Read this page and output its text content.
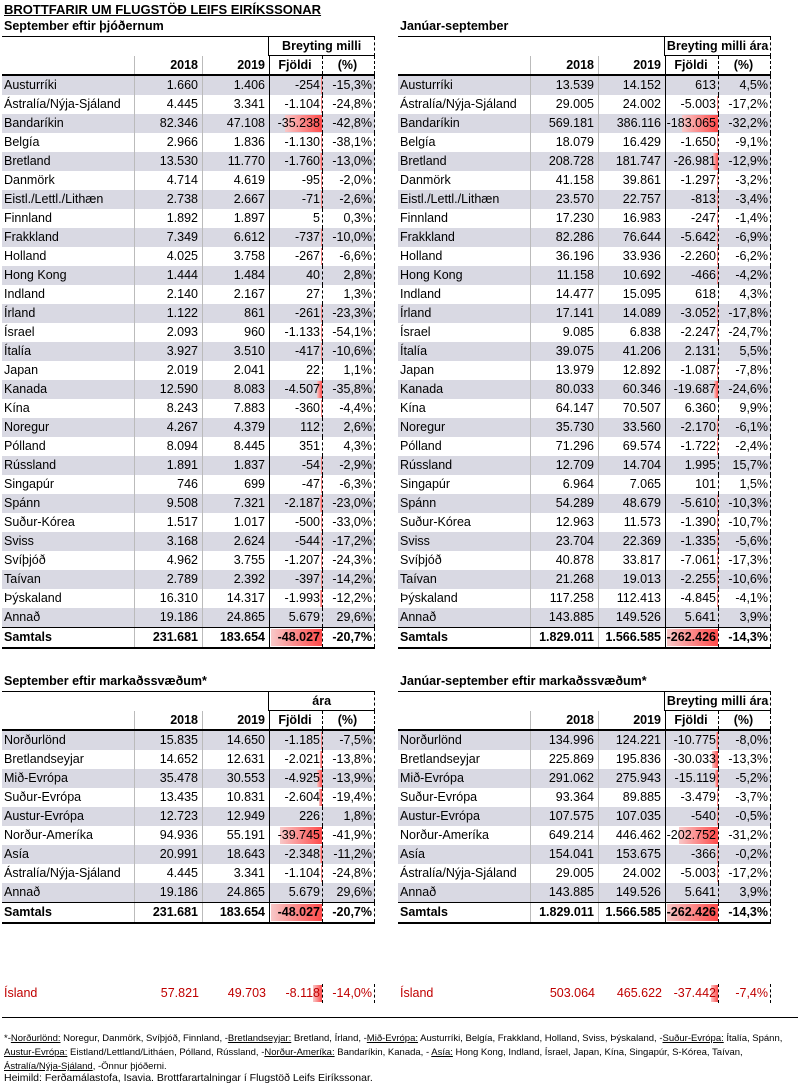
BROTTFARIR UM FLUGSTÖÐ LEIFS EIRÍKSSONAR
September eftir þjóðernum
Breyting milli
2018	2019	Fjöldi	(%)
Austurríki	1.660	1.406	-254 -15,3%
Ástralía/Nýja-Sjáland	4.445	3.341	-1.104 -24,8%
Bandaríkin	82.346	47.108	-35.238 -42,8%
Belgía	2.966	1.836	-1.130 -38,1%
Bretland	13.530	11.770	-1.760 -13,0%
Danmörk	4.714	4.619	-95	-2,0%
Eistl./Lettl./Lithæn	2.738	2.667	-71	-2,6%
Finnland	1.892	1.897	5	0,3%
Frakkland	7.349	6.612	-737 -10,0%
Holland	4.025	3.758	-267	-6,6%
Hong Kong	1.444	1.484	40	2,8%
Indland	2.140	2.167	27	1,3%
Írland	1.122	861	-261 -23,3%
Ísrael	2.093	960	-1.133 -54,1%
Ítalía	3.927	3.510	-417 -10,6%
Japan	2.019	2.041	22	1,1%
Kanada	12.590	8.083	-4.507 -35,8%
Kína	8.243	7.883	-360	-4,4%
Noregur	4.267	4.379	112	2,6%
Pólland	8.094	8.445	351	4,3%
Rússland	1.891	1.837	-54	-2,9%
Singapúr	746	699	-47	-6,3%
Spánn	9.508	7.321	-2.187 -23,0%
Suður-Kórea	1.517	1.017	-500 -33,0%
Sviss	3.168	2.624	-544 -17,2%
Svíþjóð	4.962	3.755	-1.207 -24,3%
Taívan	2.789	2.392	-397 -14,2%
Þýskaland	16.310	14.317	-1.993 -12,2%
Annað	19.186	24.865	5.679	29,6%
Samtals	231.681	183.654	-48.027 -20,7%
Janúar-september
Breyting milli ára
2018	2019	Fjöldi	(%)
Austurríki	13.539	14.152	613	4,5%
Ástralía/Nýja-Sjáland	29.005	24.002	-5.003 -17,2%
Bandaríkin	569.181	386.116 -183.065 -32,2%
Belgía	18.079	16.429	-1.650	-9,1%
Bretland	208.728	181.747	-26.981 -12,9%
Danmörk	41.158	39.861	-1.297	-3,2%
Eistl./Lettl./Lithæn	23.570	22.757	-813	-3,4%
Finnland	17.230	16.983	-247	-1,4%
Frakkland	82.286	76.644	-5.642	-6,9%
Holland	36.196	33.936	-2.260	-6,2%
Hong Kong	11.158	10.692	-466	-4,2%
Indland	14.477	15.095	618	4,3%
Írland	17.141	14.089	-3.052 -17,8%
Ísrael	9.085	6.838	-2.247 -24,7%
Ítalía	39.075	41.206	2.131	5,5%
Japan	13.979	12.892	-1.087	-7,8%
Kanada	80.033	60.346	-19.687 -24,6%
Kína	64.147	70.507	6.360	9,9%
Noregur	35.730	33.560	-2.170	-6,1%
Pólland	71.296	69.574	-1.722	-2,4%
Rússland	12.709	14.704	1.995	15,7%
Singapúr	6.964	7.065	101	1,5%
Spánn	54.289	48.679	-5.610 -10,3%
Suður-Kórea	12.963	11.573	-1.390 -10,7%
Sviss	23.704	22.369	-1.335	-5,6%
Svíþjóð	40.878	33.817	-7.061 -17,3%
Taívan	21.268	19.013	-2.255 -10,6%
Þýskaland	117.258	112.413	-4.845	-4,1%
Annað	143.885	149.526	5.641	3,9%
Samtals	1.829.011 1.566.585 -262.426 -14,3%
September eftir markaðssvæðum*
ára
2018	2019	Fjöldi	(%)
Norðurlönd	15.835	14.650	-1.185	-7,5%
Bretlandseyjar	14.652	12.631	-2.021 -13,8%
Mið-Evrópa	35.478	30.553	-4.925 -13,9%
Suður-Evrópa	13.435	10.831	-2.604 -19,4%
Austur-Evrópa	12.723	12.949	226	1,8%
Norður-Ameríka	94.936	55.191	-39.745 -41,9%
Asía	20.991	18.643	-2.348	-11,2%
Ástralía/Nýja-Sjáland	4.445	3.341	-1.104 -24,8%
Annað	19.186	24.865	5.679	29,6%
Samtals	231.681	183.654	-48.027 -20,7%
Janúar-september eftir markaðssvæðum*
Breyting milli ára
2018	2019	Fjöldi	(%)
Norðurlönd	134.996	124.221	-10.775	-8,0%
Bretlandseyjar	225.869	195.836	-30.033 -13,3%
Mið-Evrópa	291.062	275.943	-15.119	-5,2%
Suður-Evrópa	93.364	89.885	-3.479	-3,7%
Austur-Evrópa	107.575	107.035	-540	-0,5%
Norður-Ameríka	649.214	446.462 -202.752 -31,2%
Asía	154.041	153.675	-366	-0,2%
Ástralía/Nýja-Sjáland	29.005	24.002	-5.003 -17,2%
Annað	143.885	149.526	5.641	3,9%
Samtals	1.829.011 1.566.585 -262.426 -14,3%
Ísland	57.821	49.703	-8.118 -14,0% Ísland	503.064	465.622 -37.442	-7,4%
*-Norðurlönd: Noregur, Danmörk, Svíþjóð, Finnland, -Bretlandseyjar: Bretland, Írland, -Mið-Evrópa: Austurríki, Belgía, Frakkland, Holland, Sviss, Þýskaland, -Suður-Evrópa: Ítalía, Spánn, Austur-Evrópa: Eistland/Lettland/Litháen, Pólland, Rússland, -Norður-Ameríka: Bandaríkin, Kanada, - Asía: Hong Kong, Indland, Ísrael, Japan, Kína, Singapúr, S-Kórea, Taívan, Ástralía/Nýja-Sjáland, -Önnur þjóðerni.
Heimild: Ferðamálastofa, Isavia. Brottfarartalningar í Flugstöð Leifs Eiríkssonar.
